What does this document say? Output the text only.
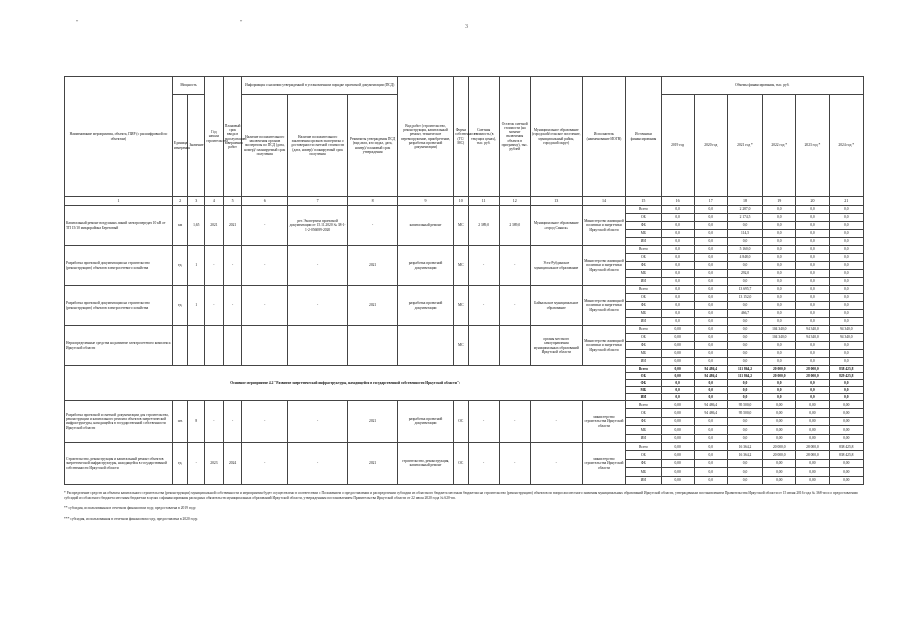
"	"
3
Наименование мероприятия, объекта, ПИР (с расшифровкой по объектам)	Мощность		Год начала строительства	Плановый срок ввода в эксплуатацию/ завершения работ	Информация о наличии утвержденной в установленном порядке проектной документации (ПСД)			Вид работ (строительство, реконструкция, капитальный ремонт, техническое перевооружение, приобретение, разработка проектной документации)	Форма собственности (ГС/МС)	Сметная стоимость (в текущих ценах), тыс. руб.	Остаток сметной стоимости (на момент включения объекта в программу), тыс. рублей	Муниципальное образование (городской/сельское поселение, муниципальный район, городской округ)	Исполнитель (наименование ИОГВ)	Источники финансирования	Объемы финансирования, тыс. руб.					
	Единица измерения	Значение			Наличие положительного заключения органов экспертизы по ПСД (дата, номер)/ планируемый срок получения	Наличие положительного заключения органов экспертизы о достоверности сметной стоимости (дата, номер)/ планируемый срок получения	Реквизиты утверждения ПСД (вид акта, кто издал, дата, номер)/ плановый срок утверждения								2019 год	2020 год	2021 год *	2022 год *	2023 год *	2024 год *

1	2	3	4	5	6	7	8	9	10	11	12	13	14	15	16	17	18	19	20	21
Капитальный ремонт воздушных линий электропередач 10 кВ от ТП 15/10 микрорайона Березовый	км	1,65	2021	2021	-	рег. Экспертиза проектной документации от 15.11.2020 № 38-1-1-2-056089-2020	-	капитальный ремонт	МС	2 389,0	2 389,0	Муниципальное образование «город Саянск»	Министерство жилищной политики и энергетики Иркутской области	Всего	0,0	0,0	2 287,0	0,0	0,0	0,0
														ОБ	0,0	0,0	2 174,5	0,0	0,0	0,0
														ФБ	0,0	0,0	0,0	0,0	0,0	0,0
														МБ	0,0	0,0	114,5	0,0	0,0	0,0
														ИИ	0,0	0,0	0,0	0,0	0,0	0,0
Разработка проектной документации на строительство (реконструкцию) объектов электросетевого хозяйства	ед.	1	-	-	-	-	2021	разработка проектной документации	МС	-	-	Усть-Рубдинское муниципальное образование	Министерство жилищной политики и энергетики Иркутской области	Всего	0,0	0,0	5 160,0	0,0	0,0	0,0
														ОБ	0,0	0,0	4 848,0	0,0	0,0	0,0
														ФБ	0,0	0,0	0,0	0,0	0,0	0,0
														МБ	0,0	0,0	292,0	0,0	0,0	0,0
														ИИ	0,0	0,0	0,0	0,0	0,0	0,0
Разработка проектной документации на строительство (реконструкцию) объектов электросетевого хозяйства	ед.	1	-	-	-	-	2021	разработка проектной документации	МС	-	-	Байкальское муниципальное образование	Министерство жилищной политики и энергетики Иркутской области	Всего	0,0	0,0	13 695,7	0,0	0,0	0,0
														ОБ	0,0	0,0	13 152,0	0,0	0,0	0,0
														ФБ	0,0	0,0	0,0	0,0	0,0	0,0
														МБ	0,0	0,0	466,7	0,0	0,0	0,0
														ИИ	0,0	0,0	0,0	0,0	0,0	0,0
Нераспределенные средства на развитие электросетевого комплекса Иркутской области									МС			органы местного самоуправления муниципальных образований Иркутской области	Министерство жилищной политики и энергетики Иркутской области	Всего	0,00	0,0	0,0	104 340,0	94 340,0	94 340,0
														ОБ	0,00	0,0	0,0	104 340,0	94 340,0	94 340,0
														ФБ	0,00	0,0	0,0	0,0	0,0	0,0
														МБ	0,00	0,0	0,0	0,0	0,0	0,0
														ИИ	0,00	0,0	0,0	0,0	0,0	0,0
Основное мероприятие 4.2 "Развитие энергетической инфраструктуры, находящейся в государственной собственности Иркутской области":														Всего	0,00	94 486,4	111 864,2	20 000,0	28 000,0	838 425,8
														ОБ	0,00	94 486,4	111 864,2	20 000,0	28 000,0	829 425,8
														ФБ	0,0	0,0	0,0	0,0	0,0	0,0
														МБ	0,0	0,0	0,0	0,0	0,0	0,0
														ИИ	0,0	0,0	0,0	0,0	0,0	0,0
Разработка проектной и сметной документации для строительства, реконструкции и капитального ремонта объектов энергетической инфраструктуры, находящейся в государственной собственности Иркутской области	шт.	8	-	-	-	-	2021	разработка проектной документации	ОС	-	-	-	министерство строительства Иркутской области	Всего	0,00	94 486,4	95 500,0	0,00	0,00	0,00
														ОБ	0,00	94 486,4	95 500,0	0,00	0,00	0,00
														ФБ	0,00	0,0	0,0	0,00	0,00	0,00
														МБ	0,00	0,0	0,0	0,00	0,00	0,00
														ИИ	0,00	0,0	0,0	0,00	0,00	0,00
Строительство, реконструкция и капитальный ремонт объектов энергетической инфраструктуры, находящейся в государственной собственности Иркутской области	ед.	-	2023	2024	-	-	2021	строительство, реконструкция, капитальный ремонт	ОС	-	-	-	министерство строительства Иркутской области	Всего	0,00	0,0	16 364,2	20 000,0	28 000,0	838 425,8
														ОБ	0,00	0,0	16 364,2	20 000,0	28 000,0	838 425,8
														ФБ	0,00	0,0	0,0	0,00	0,00	0,00
														МБ	0,00	0,0	0,0	0,00	0,00	0,00
														ИИ	0,00	0,0	0,0	0,00	0,00	0,00

* Распределение средств на объекты капитального строительства (реконструкции) муниципальной собственности и мероприятия будет осуществлено в соответствии с Положением о предоставлении и распределении субсидии из областного бюджета местным бюджетам на строительство (реконструкцию) объектов по вопросам местного значения муниципальных образований Иркутской области, утвержденным постановлением Правительства Иркутской области от 15 июня 2016 года № 368-пп и о предоставлении субсидий из областного бюджета местным бюджетам в целях софинансирования расходных обязательств муниципальных образований Иркутской области, утвержденным постановлением Правительства Иркутской области от 22 июля 2020 года № 620-пп.

** субсидия, использованная в отчетном финансовом году, предоставлена в 2019 году.

*** субсидия, использованная в отчетном финансовом году, предоставлена в 2020 году.
